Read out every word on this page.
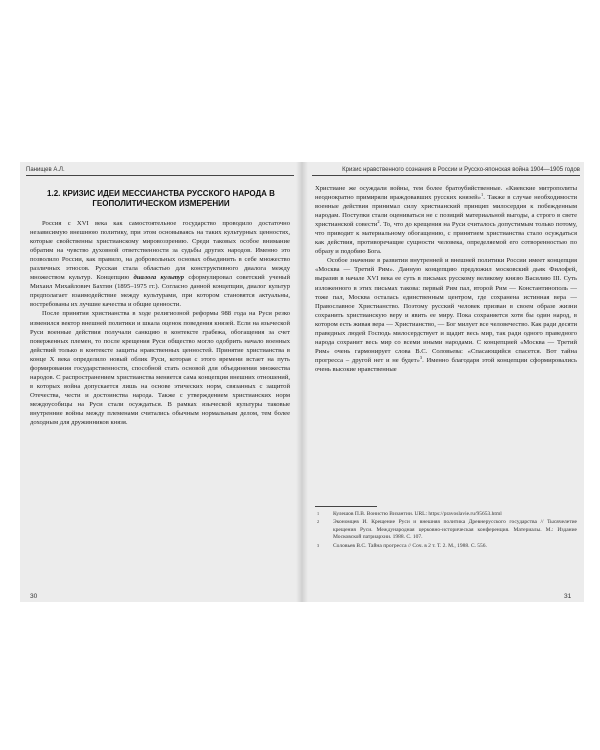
Панищев А.Л.	Кризис нравственного сознания в России и Русско-японская война 1904—1905 годов
1.2. КРИЗИС ИДЕИ МЕССИАНСТВА РУССКОГО НАРОДА В ГЕОПОЛИТИЧЕСКОМ ИЗМЕРЕНИИ

Россия с XVI века как самостоятельное государство проводило достаточно независимую внешнюю политику, при этом основываясь на таких культурных ценностях, которые свойственны христианскому мировоззрению. Среди таковых особое внимание обратим на чувство духовной ответственности за судьбы других народов. Именно это позволило России, как правило, на добровольных основах объединить в себе множество различных этносов. Русская стала областью для конструктивного диалога между множеством культур. Концепцию диалога культур сформулировал советский ученый Михаил Михайлович Бахтин (1895–1975 гг.). Согласно данной концепции, диалог культур предполагает взаимодействие между культурами, при котором становятся актуальны, востребованы их лучшие качества и общие ценности.

После принятия христианства в ходе религиозной реформы 988 года на Руси резко изменился вектор внешней политики и шкала оценок поведения князей. Если на языческой Руси военные действия получали санкцию в контексте грабежа, обогащения за счет поверженных племен, то после крещения Руси общество могло одобрить начало военных действий только в контексте защиты нравственных ценностей. Принятие христианства в конце X века определило новый облик Руси, которая с этого времени встает на путь формирования государственности, способной стать основой для объединения множества народов. С распространением христианства меняется сама концепция внешних отношений, в которых война допускается лишь на основе этических норм, связанных с защитой Отечества, чести и достоинства народа. Также с утверждением христианских норм междоусобицы на Руси стали осуждаться. В рамках языческой культуры таковые внутренние войны между племенами считались обычным нормальным делом, тем более доходным для дружинников князя.

Христиане же осуждали войны, тем более братоубийственные. «Киевские митрополиты неоднократно примиряли враждовавших русских князей»$^1$. Также в случае необходимости военные действия принимал силу христианский принцип милосердия к побежденным народам. Поступки стали оцениваться не с позиций материальной выгоды, а строго в свете христианской совести$^2$. То, что до крещения на Руси считалось допустимым только потому, что приводит к материальному обогащению, с принятием христианства стало осуждаться как действия, противоречащие сущности человека, определяемой его сотворенностью по образу и подобию Бога.

Особое значение в развитии внутренней и внешней политики России имеет концепция «Москва — Третий Рим». Данную концепцию предложил московский дьяк Филофей, выразив в начале XVI века ее суть в письмах русскому великому князю Василию III. Суть изложенного в этих письмах такова: первый Рим пал, второй Рим — Константинополь — тоже пал, Москва осталась единственным центром, где сохранена истинная вера — Православное Христианство. Поэтому русский человек призван в своем образе жизни сохранить христианскую веру и явить ее миру. Пока сохраняется хотя бы один народ, в котором есть живая вера — Христианство, — Бог милует все человечество. Как ради десяти праведных людей Господь милосердствует и щадит весь мир, так ради одного праведного народа сохранит весь мир со всеми иными народами. С концепцией «Москва — Третий Рим» очень гармонирует слова В.С. Соловьева: «Спасающийся спасется. Вот тайна прогресса – другой нет и не будет»$^3$. Именно благодаря этой концепции сформировались очень высокие нравственные

1	Кулешов П.В. Вонистю Византии. URL: https://pravoslavie.ru/95653.html
2	Экономцев И. Крещение Руси и внешняя политика Древнерусского государства // Тысячелетие крещения Руси. Международная церковно-историческая конференция. Материалы. М.: Издание Московской патриархии. 1988. С. 107.
3	Соловьев В.С. Тайна прогресса // Соч. в 2 т. Т. 2. М., 1988. С. 556.
30	31
